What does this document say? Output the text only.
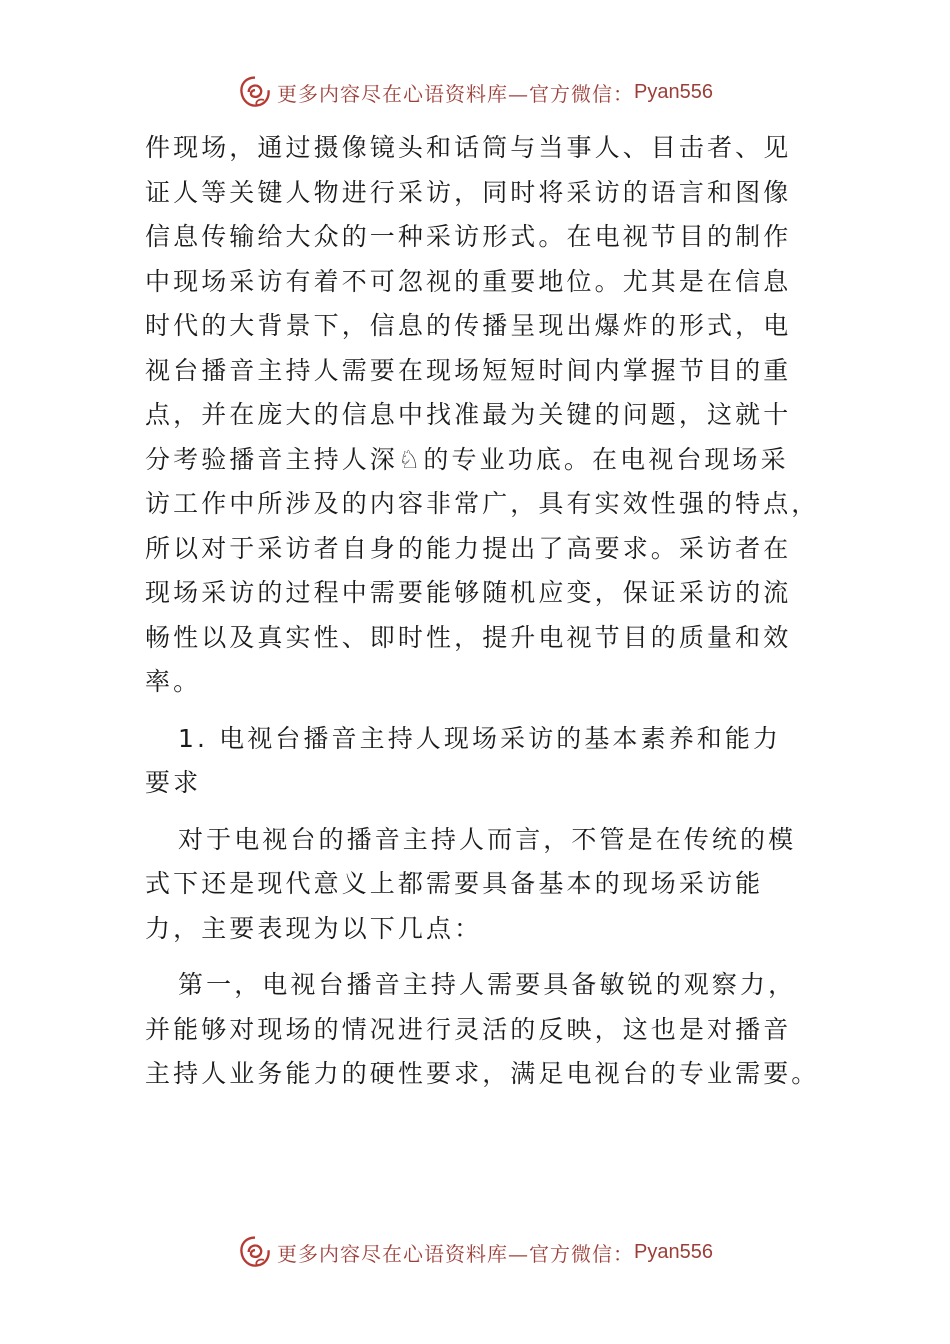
更多内容尽在心语资料库—官方微信： Pyan556
件现场，通过摄像镜头和话筒与当事人、目击者、见
证人等关键人物进行采访，同时将采访的语言和图像
信息传输给大众的一种采访形式。在电视节目的制作
中现场采访有着不可忽视的重要地位。尤其是在信息
时代的大背景下，信息的传播呈现出爆炸的形式，电
视台播音主持人需要在现场短短时间内掌握节目的重
点，并在庞大的信息中找准最为关键的问题，这就十
分考验播音主持人深♘的专业功底。在电视台现场采
访工作中所涉及的内容非常广，具有实效性强的特点，
所以对于采访者自身的能力提出了高要求。采访者在
现场采访的过程中需要能够随机应变，保证采访的流
畅性以及真实性、即时性，提升电视节目的质量和效
率。
1. 电视台播音主持人现场采访的基本素养和能力
要求
对于电视台的播音主持人而言，不管是在传统的模
式下还是现代意义上都需要具备基本的现场采访能
力，主要表现为以下几点：
第一，电视台播音主持人需要具备敏锐的观察力，
并能够对现场的情况进行灵活的反映，这也是对播音
主持人业务能力的硬性要求，满足电视台的专业需要。
更多内容尽在心语资料库—官方微信： Pyan556
